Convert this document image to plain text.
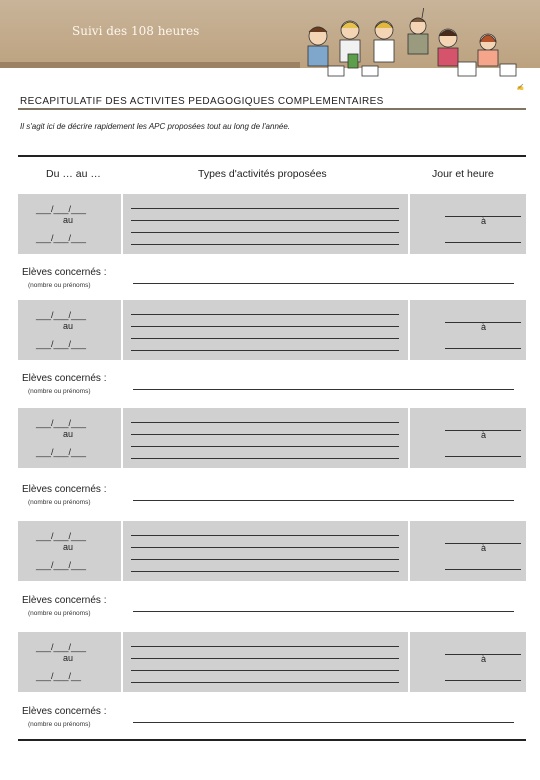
Suivi des 108 heures
✍
RECAPITULATIF DES ACTIVITES PEDAGOGIQUES COMPLEMENTAIRES
Il s'agit ici de décrire rapidement les APC proposées tout au long de l'année.
Du … au …	Types d'activités proposées	Jour et heure
___/___/___
au
___/___/___
à
Elèves concernés :
(nombre ou prénoms)
___/___/___
au
___/___/___
à
Elèves concernés :
(nombre ou prénoms)
___/___/___
au
___/___/___
à
Elèves concernés :
(nombre ou prénoms)
___/___/___
au
___/___/___
à
Elèves concernés :
(nombre ou prénoms)
___/___/___
au
___/___/__
à
Elèves concernés :
(nombre ou prénoms)
